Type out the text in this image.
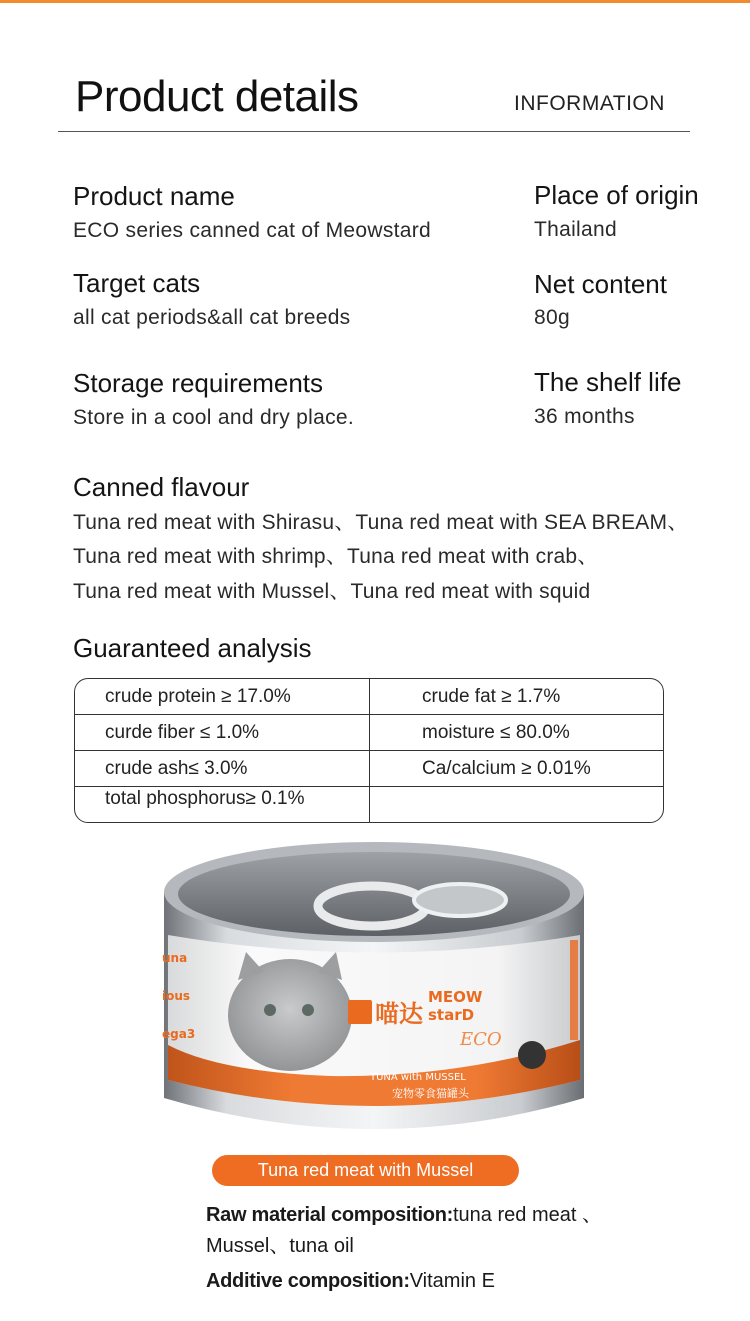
Product details	INFORMATION
Product name
ECO series canned cat of Meowstard
Place of origin
Thailand
Target cats
all cat periods&all cat breeds
Net content
80g
Storage requirements
Store in a cool and dry place.
The shelf life
36 months
Canned flavour
Tuna red meat with Shirasu、Tuna red meat with SEA BREAM、
Tuna red meat with shrimp、Tuna red meat with crab、
Tuna red meat with Mussel、Tuna red meat with squid
Guaranteed analysis
crude protein ≥ 17.0%	crude fat ≥ 1.7%
curde fiber ≤ 1.0%	moisture ≤ 80.0%
crude ash≤ 3.0%	Ca/calcium ≥ 0.01%
total phosphorus≥ 0.1%	
喵达
MEOW
starD
ECO
TUNA with MUSSEL
宠物零食猫罐头
una
ious
ega3
Tuna red meat with Mussel
Raw material composition:tuna red meat 、
Mussel、tuna oil
Additive composition:Vitamin E
